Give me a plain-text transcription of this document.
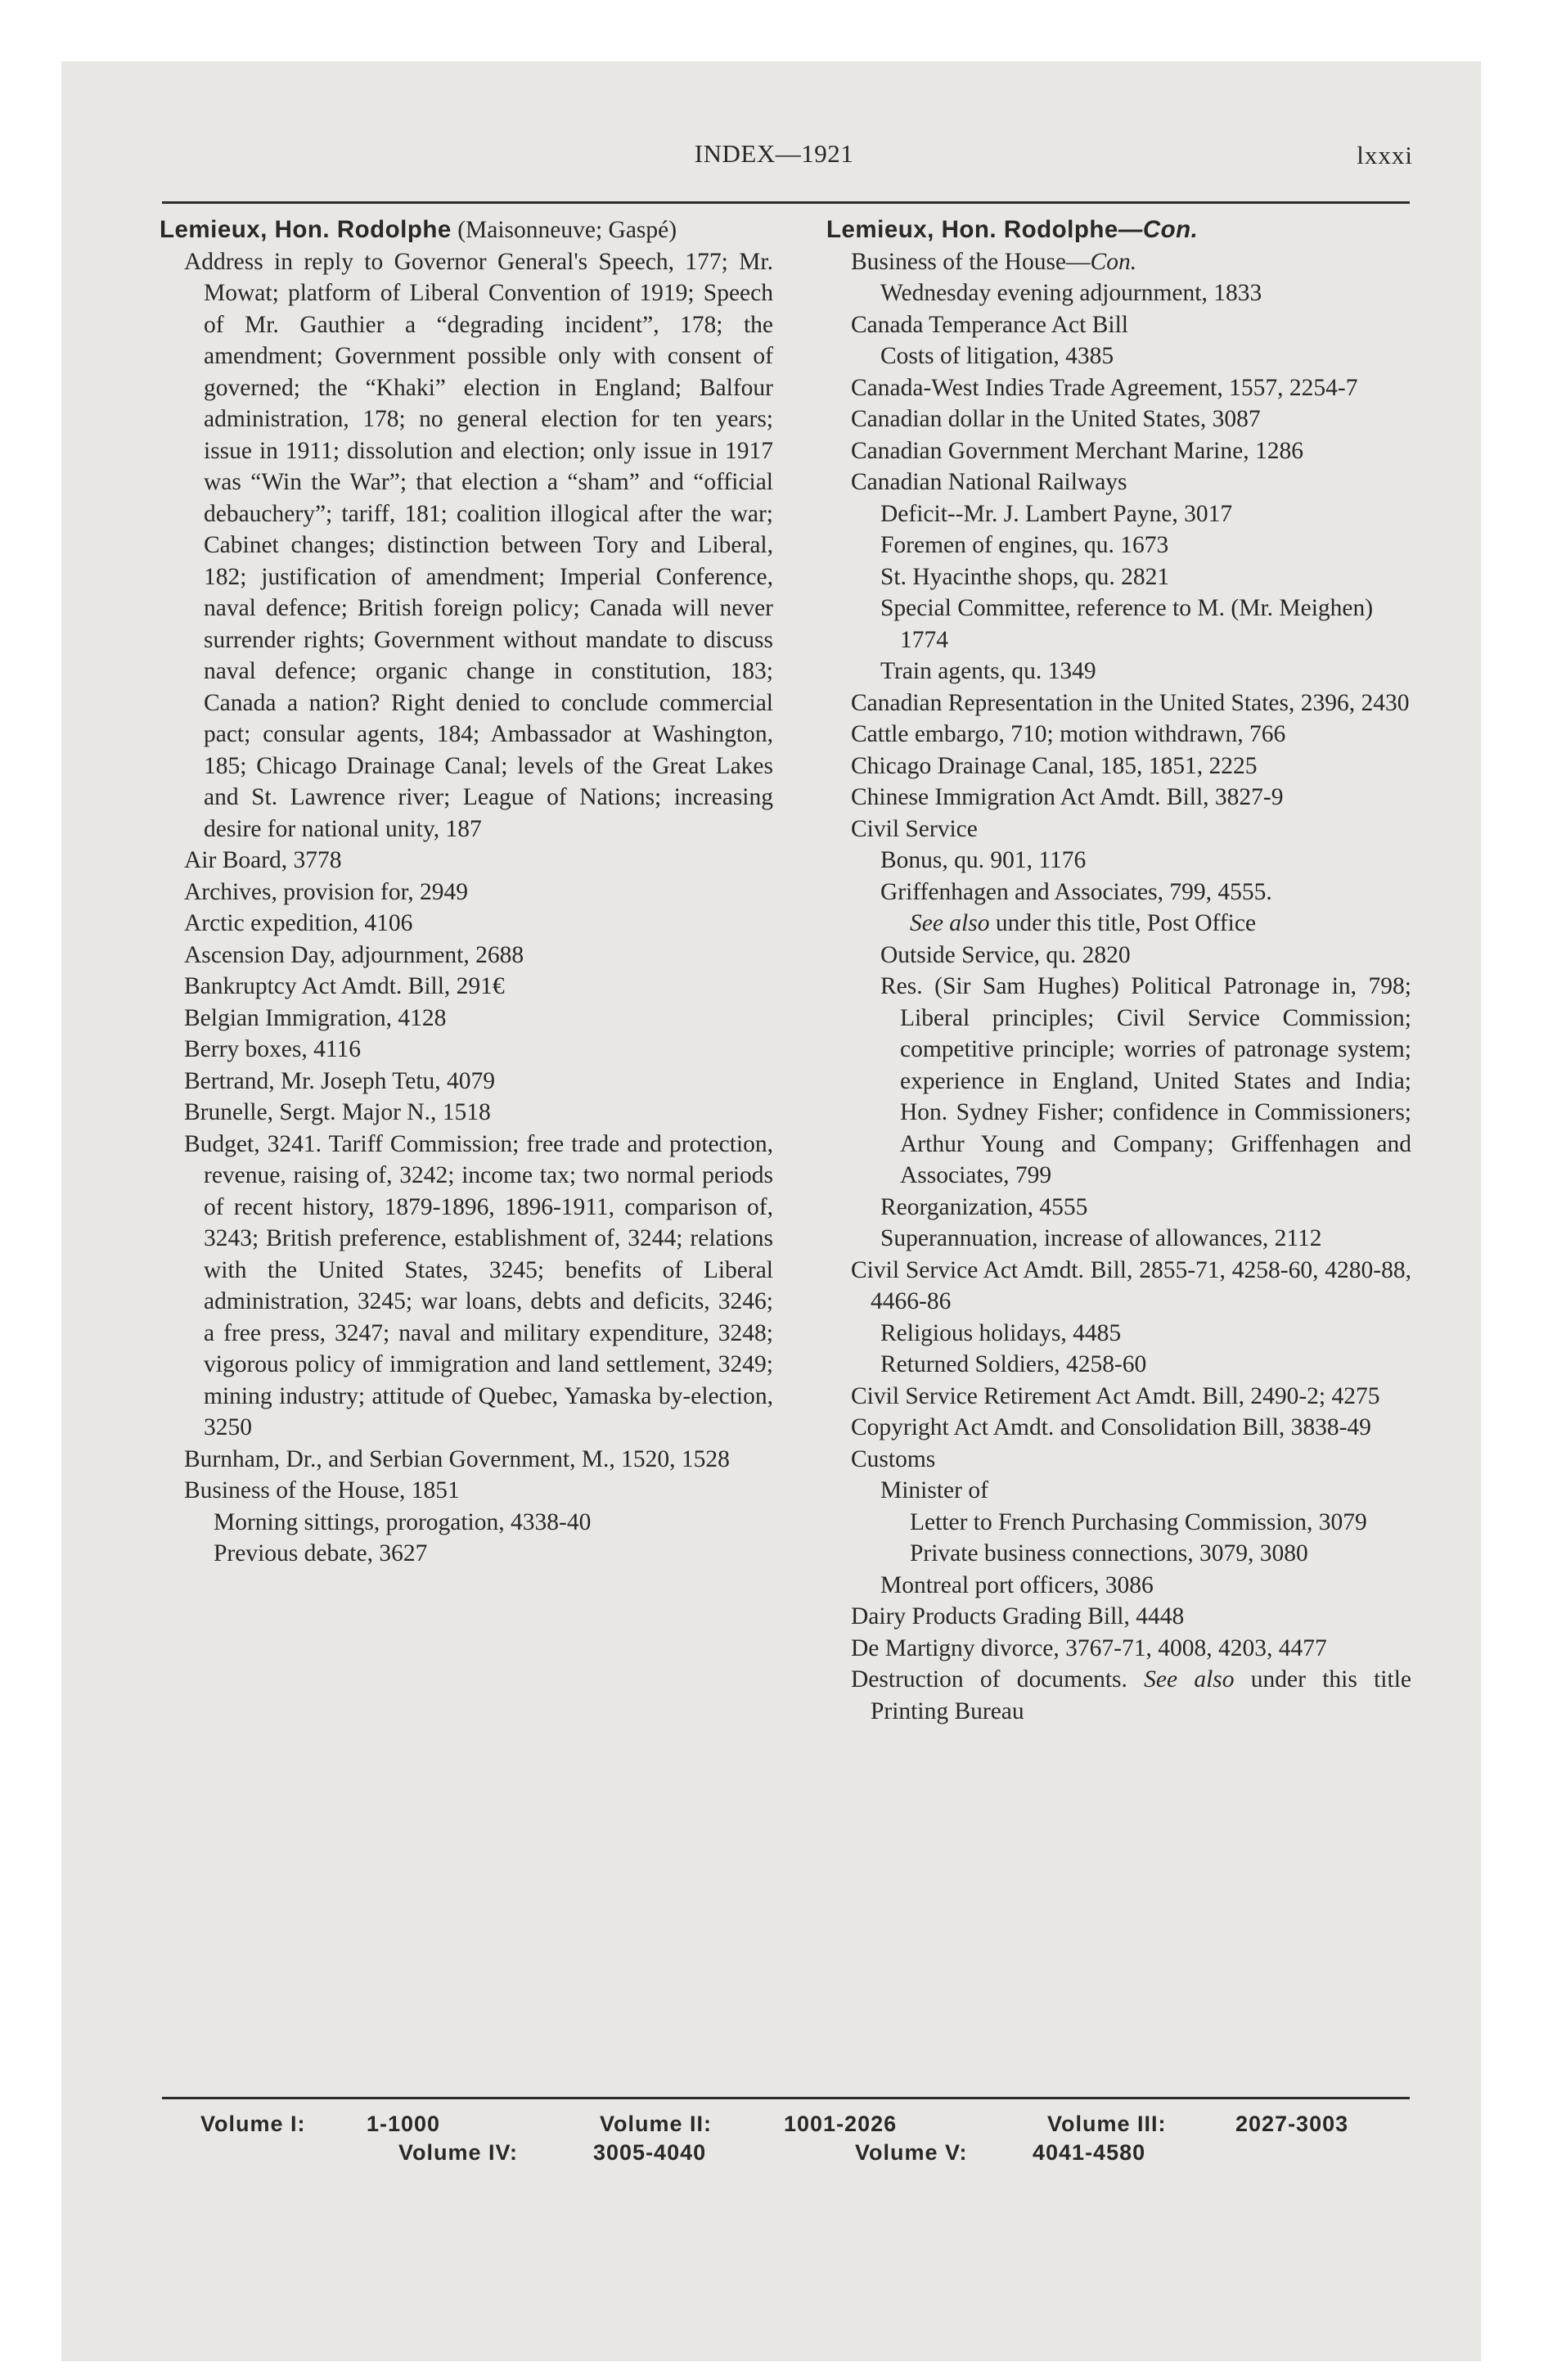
INDEX—1921	lxxxi
Lemieux, Hon. Rodolphe (Maisonneuve; Gaspé)
Address in reply to Governor General's Speech, 177; Mr. Mowat; platform of Liberal Convention of 1919; Speech of Mr. Gauthier a “degrading incident”, 178; the amendment; Government possible only with consent of governed; the “Khaki” election in England; Balfour administration, 178; no general election for ten years; issue in 1911; dissolution and election; only issue in 1917 was “Win the War”; that election a “sham” and “official debauchery”; tariff, 181; coalition illogical after the war; Cabinet changes; distinction between Tory and Liberal, 182; justification of amendment; Imperial Conference, naval defence; British foreign policy; Canada will never surrender rights; Government without mandate to discuss naval defence; organic change in constitution, 183; Canada a nation? Right denied to conclude commercial pact; consular agents, 184; Ambassador at Washington, 185; Chicago Drainage Canal; levels of the Great Lakes and St. Lawrence river; League of Nations; increasing desire for national unity, 187
Air Board, 3778
Archives, provision for, 2949
Arctic expedition, 4106
Ascension Day, adjournment, 2688
Bankruptcy Act Amdt. Bill, 291€
Belgian Immigration, 4128
Berry boxes, 4116
Bertrand, Mr. Joseph Tetu, 4079
Brunelle, Sergt. Major N., 1518
Budget, 3241. Tariff Commission; free trade and protection, revenue, raising of, 3242; income tax; two normal periods of recent history, 1879-1896, 1896-1911, comparison of, 3243; British preference, establishment of, 3244; relations with the United States, 3245; benefits of Liberal administration, 3245; war loans, debts and deficits, 3246; a free press, 3247; naval and military expenditure, 3248; vigorous policy of immigration and land settlement, 3249; mining industry; attitude of Quebec, Yamaska by-election, 3250
Burnham, Dr., and Serbian Government, M., 1520, 1528
Business of the House, 1851
Morning sittings, prorogation, 4338-40
Previous debate, 3627
Lemieux, Hon. Rodolphe—Con.
Business of the House—Con.
Wednesday evening adjournment, 1833
Canada Temperance Act Bill
Costs of litigation, 4385
Canada-West Indies Trade Agreement, 1557, 2254-7
Canadian dollar in the United States, 3087
Canadian Government Merchant Marine, 1286
Canadian National Railways
Deficit--Mr. J. Lambert Payne, 3017
Foremen of engines, qu. 1673
St. Hyacinthe shops, qu. 2821
Special Committee, reference to M. (Mr. Meighen) 1774
Train agents, qu. 1349
Canadian Representation in the United States, 2396, 2430
Cattle embargo, 710; motion withdrawn, 766
Chicago Drainage Canal, 185, 1851, 2225
Chinese Immigration Act Amdt. Bill, 3827-9
Civil Service
Bonus, qu. 901, 1176
Griffenhagen and Associates, 799, 4555.
See also under this title, Post Office
Outside Service, qu. 2820
Res. (Sir Sam Hughes) Political Patronage in, 798; Liberal principles; Civil Service Commission; competitive principle; worries of patronage system; experience in England, United States and India; Hon. Sydney Fisher; confidence in Commissioners; Arthur Young and Company; Griffenhagen and Associates, 799
Reorganization, 4555
Superannuation, increase of allowances, 2112
Civil Service Act Amdt. Bill, 2855-71, 4258-60, 4280-88, 4466-86
Religious holidays, 4485
Returned Soldiers, 4258-60
Civil Service Retirement Act Amdt. Bill, 2490-2; 4275
Copyright Act Amdt. and Consolidation Bill, 3838-49
Customs
Minister of
Letter to French Purchasing Commission, 3079
Private business connections, 3079, 3080
Montreal port officers, 3086
Dairy Products Grading Bill, 4448
De Martigny divorce, 3767-71, 4008, 4203, 4477
Destruction of documents. See also under this title Printing Bureau
Volume I:	1-1000	Volume II:	1001-2026	Volume III:	2027-3003
Volume IV:	3005-4040	Volume V:	4041-4580
